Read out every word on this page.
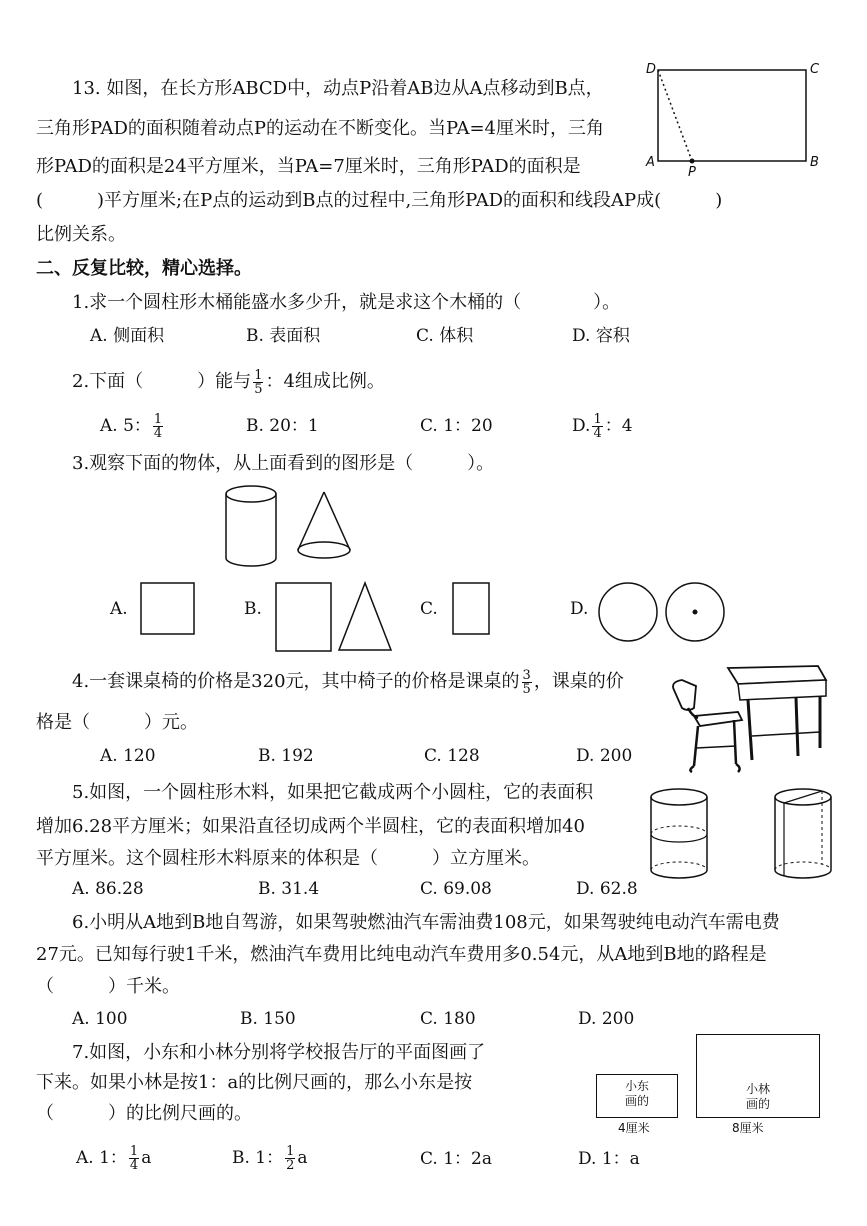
13. 如图，在长方形ABCD中，动点P沿着AB边从A点移动到B点，
三角形PAD的面积随着动点P的运动在不断变化。当PA=4厘米时，三角
形PAD的面积是24平方厘米，当PA=7厘米时，三角形PAD的面积是
(　　　)平方厘米;在P点的运动到B点的过程中,三角形PAD的面积和线段AP成(　　　)
比例关系。
D	C
A	B
P
二、反复比较，精心选择。
1.求一个圆柱形木桶能盛水多少升，就是求这个木桶的（　　　　）。
A. 侧面积	B. 表面积	C. 体积	D. 容积
2.下面（　　　）能与 $\frac{1}{5}$ ：4组成比例。
A. 5： $\frac{1}{4}$	B. 20：1	C. 1：20	D. $\frac{1}{4}$ ：4
3.观察下面的物体，从上面看到的图形是（　　　）。
A.	B.	C.	D.
4.一套课桌椅的价格是320元，其中椅子的价格是课桌的 $\frac{3}{5}$ ，课桌的价
格是（　　　）元。
A. 120	B. 192	C. 128	D. 200
5.如图，一个圆柱形木料，如果把它截成两个小圆柱，它的表面积
增加6.28平方厘米；如果沿直径切成两个半圆柱，它的表面积增加40
平方厘米。这个圆柱形木料原来的体积是（　　　）立方厘米。
A. 86.28	B. 31.4	C. 69.08	D. 62.8
6.小明从A地到B地自驾游，如果驾驶燃油汽车需油费108元，如果驾驶纯电动汽车需电费
27元。已知每行驶1千米，燃油汽车费用比纯电动汽车费用多0.54元，从A地到B地的路程是
（　　　）千米。
A. 100	B. 150	C. 180	D. 200
7.如图，小东和小林分别将学校报告厅的平面图画了
下来。如果小林是按1：a的比例尺画的，那么小东是按
（　　　）的比例尺画的。
小东
画的
4厘米
小林
画的
8厘米
A. 1： $\frac{1}{4}$ a	B. 1： $\frac{1}{2}$ a	C. 1：2a	D. 1：a
